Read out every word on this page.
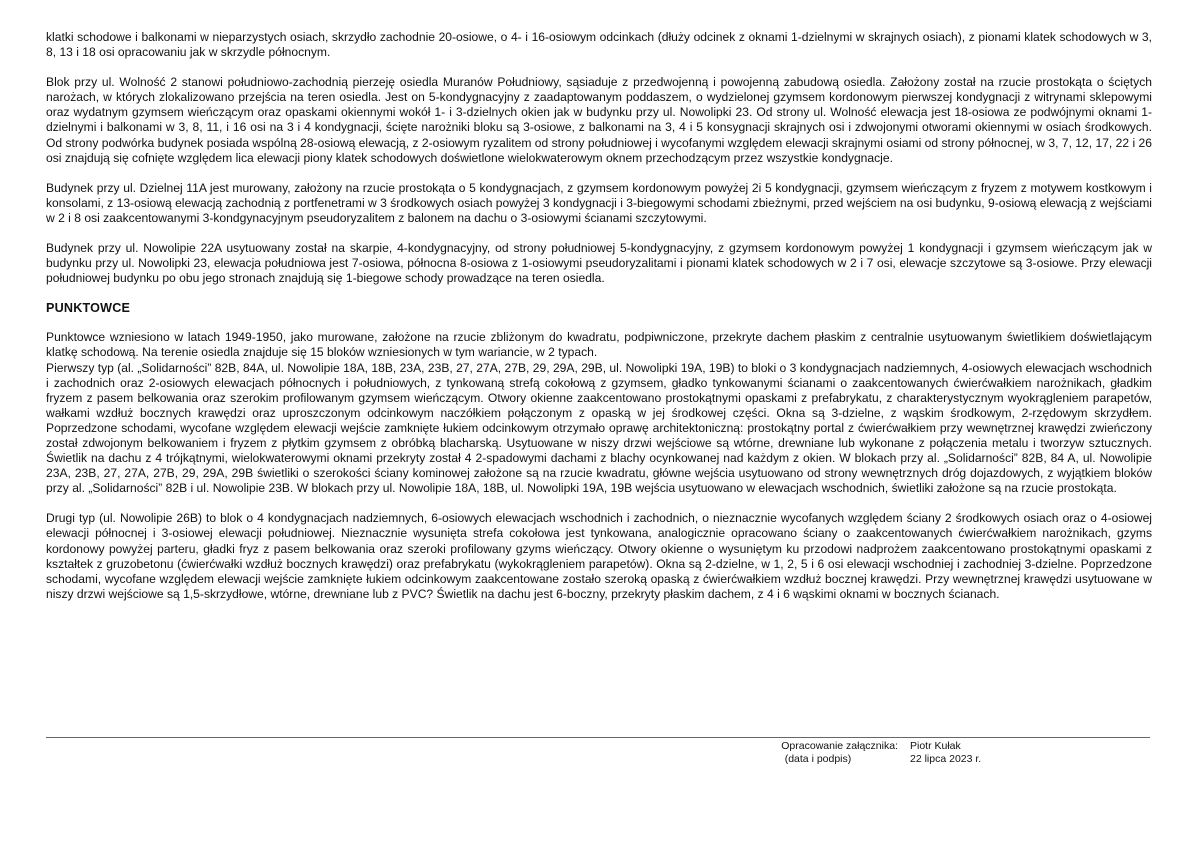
klatki schodowe i balkonami w nieparzystych osiach, skrzydło zachodnie 20-osiowe, o 4- i 16-osiowym odcinkach (dłuży odcinek z oknami 1-dzielnymi w skrajnych osiach), z pionami klatek schodowych w 3, 8, 13 i 18 osi opracowaniu jak w skrzydle północnym.

Blok przy ul. Wolność 2 stanowi południowo-zachodnią pierzeję osiedla Muranów Południowy, sąsiaduje z przedwojenną i powojenną zabudową osiedla. Założony został na rzucie prostokąta o ściętych narożach, w których zlokalizowano przejścia na teren osiedla. Jest on 5-kondygnacyjny z zaadaptowanym poddaszem, o wydzielonej gzymsem kordonowym pierwszej kondygnacji z witrynami sklepowymi oraz wydatnym gzymsem wieńczącym oraz opaskami okiennymi wokół 1- i 3-dzielnych okien jak w budynku przy ul. Nowolipki 23. Od strony ul. Wolność elewacja jest 18-osiowa ze podwójnymi oknami 1-dzielnymi i balkonami w 3, 8, 11, i 16 osi na 3 i 4 kondygnacji, ścięte narożniki bloku są 3-osiowe, z balkonami na 3, 4 i 5 konsygnacji skrajnych osi i zdwojonymi otworami okiennymi w osiach środkowych. Od strony podwórka budynek posiada wspólną 28-osiową elewacją, z 2-osiowym ryzalitem od strony południowej i wycofanymi względem elewacji skrajnymi osiami od strony północnej, w 3, 7, 12, 17, 22 i 26 osi znajdują się cofnięte względem lica elewacji piony klatek schodowych doświetlone wielokwaterowym oknem przechodzącym przez wszystkie kondygnacje.

Budynek przy ul. Dzielnej 11A jest murowany, założony na rzucie prostokąta o 5 kondygnacjach, z gzymsem kordonowym powyżej 2i 5 kondygnacji, gzymsem wieńczącym z fryzem z motywem kostkowym i konsolami, z 13-osiową elewacją zachodnią z portfenetrami w 3 środkowych osiach powyżej 3 kondygnacji i 3-biegowymi schodami zbieżnymi, przed wejściem na osi budynku, 9-osiową elewacją z wejściami w 2 i 8 osi zaakcentowanymi 3-kondgynacyjnym pseudoryzalitem z balonem na dachu o 3-osiowymi ścianami szczytowymi.

Budynek przy ul. Nowolipie 22A usytuowany został na skarpie, 4-kondygnacyjny, od strony południowej 5-kondygnacyjny, z gzymsem kordonowym powyżej 1 kondygnacji i gzymsem wieńczącym jak w budynku przy ul. Nowolipki 23, elewacja południowa jest 7-osiowa, północna 8-osiowa z 1-osiowymi pseudoryzalitami i pionami klatek schodowych w 2 i 7 osi, elewacje szczytowe są 3-osiowe. Przy elewacji południowej budynku po obu jego stronach znajdują się 1-biegowe schody prowadzące na teren osiedla.

PUNKTOWCE

Punktowce wzniesiono w latach 1949-1950, jako murowane, założone na rzucie zbliżonym do kwadratu, podpiwniczone, przekryte dachem płaskim z centralnie usytuowanym świetlikiem doświetlającym klatkę schodową. Na terenie osiedla znajduje się 15 bloków wzniesionych w tym wariancie, w 2 typach.

Pierwszy typ (al. „Solidarności” 82B, 84A, ul. Nowolipie 18A, 18B, 23A, 23B, 27, 27A, 27B, 29, 29A, 29B, ul. Nowolipki 19A, 19B) to bloki o 3 kondygnacjach nadziemnych, 4-osiowych elewacjach wschodnich i zachodnich oraz 2-osiowych elewacjach północnych i południowych, z tynkowaną strefą cokołową z gzymsem, gładko tynkowanymi ścianami o zaakcentowanych ćwierćwałkiem narożnikach, gładkim fryzem z pasem belkowania oraz szerokim profilowanym gzymsem wieńczącym. Otwory okienne zaakcentowano prostokątnymi opaskami z prefabrykatu, z charakterystycznym wyokrągleniem parapetów, wałkami wzdłuż bocznych krawędzi oraz uproszczonym odcinkowym naczółkiem połączonym z opaską w jej środkowej części. Okna są 3-dzielne, z wąskim środkowym, 2-rzędowym skrzydłem. Poprzedzone schodami, wycofane względem elewacji wejście zamknięte łukiem odcinkowym otrzymało oprawę architektoniczną: prostokątny portal z ćwierćwałkiem przy wewnętrznej krawędzi zwieńczony został zdwojonym belkowaniem i fryzem z płytkim gzymsem z obróbką blacharską. Usytuowane w niszy drzwi wejściowe są wtórne, drewniane lub wykonane z połączenia metalu i tworzyw sztucznych. Świetlik na dachu z 4 trójkątnymi, wielokwaterowymi oknami przekryty został 4 2-spadowymi dachami z blachy ocynkowanej nad każdym z okien. W blokach przy al. „Solidarności” 82B, 84 A, ul. Nowolipie 23A, 23B, 27, 27A, 27B, 29, 29A, 29B świetliki o szerokości ściany kominowej założone są na rzucie kwadratu, główne wejścia usytuowano od strony wewnętrznych dróg dojazdowych, z wyjątkiem bloków przy al. „Solidarności” 82B i ul. Nowolipie 23B. W blokach przy ul. Nowolipie 18A, 18B, ul. Nowolipki 19A, 19B wejścia usytuowano w elewacjach wschodnich, świetliki założone są na rzucie prostokąta.

Drugi typ (ul. Nowolipie 26B) to blok o 4 kondygnacjach nadziemnych, 6-osiowych elewacjach wschodnich i zachodnich, o nieznacznie wycofanych względem ściany 2 środkowych osiach oraz o 4-osiowej elewacji północnej i 3-osiowej elewacji południowej. Nieznacznie wysunięta strefa cokołowa jest tynkowana, analogicznie opracowano ściany o zaakcentowanych ćwierćwałkiem narożnikach, gzyms kordonowy powyżej parteru, gładki fryz z pasem belkowania oraz szeroki profilowany gzyms wieńczący. Otwory okienne o wysuniętym ku przodowi nadprożem zaakcentowano prostokątnymi opaskami z kształtek z gruzobetonu (ćwierćwałki wzdłuż bocznych krawędzi) oraz prefabrykatu (wykokrągleniem parapetów). Okna są 2-dzielne, w 1, 2, 5 i 6 osi elewacji wschodniej i zachodniej 3-dzielne. Poprzedzone schodami, wycofane względem elewacji wejście zamknięte łukiem odcinkowym zaakcentowane zostało szeroką opaską z ćwierćwałkiem wzdłuż bocznej krawędzi. Przy wewnętrznej krawędzi usytuowane w niszy drzwi wejściowe są 1,5-skrzydłowe, wtórne, drewniane lub z PVC? Świetlik na dachu jest 6-boczny, przekryty płaskim dachem, z 4 i 6 wąskimi oknami w bocznych ścianach.

Opracowanie załącznika:
(data i podpis)
Piotr Kułak
22 lipca 2023 r.
